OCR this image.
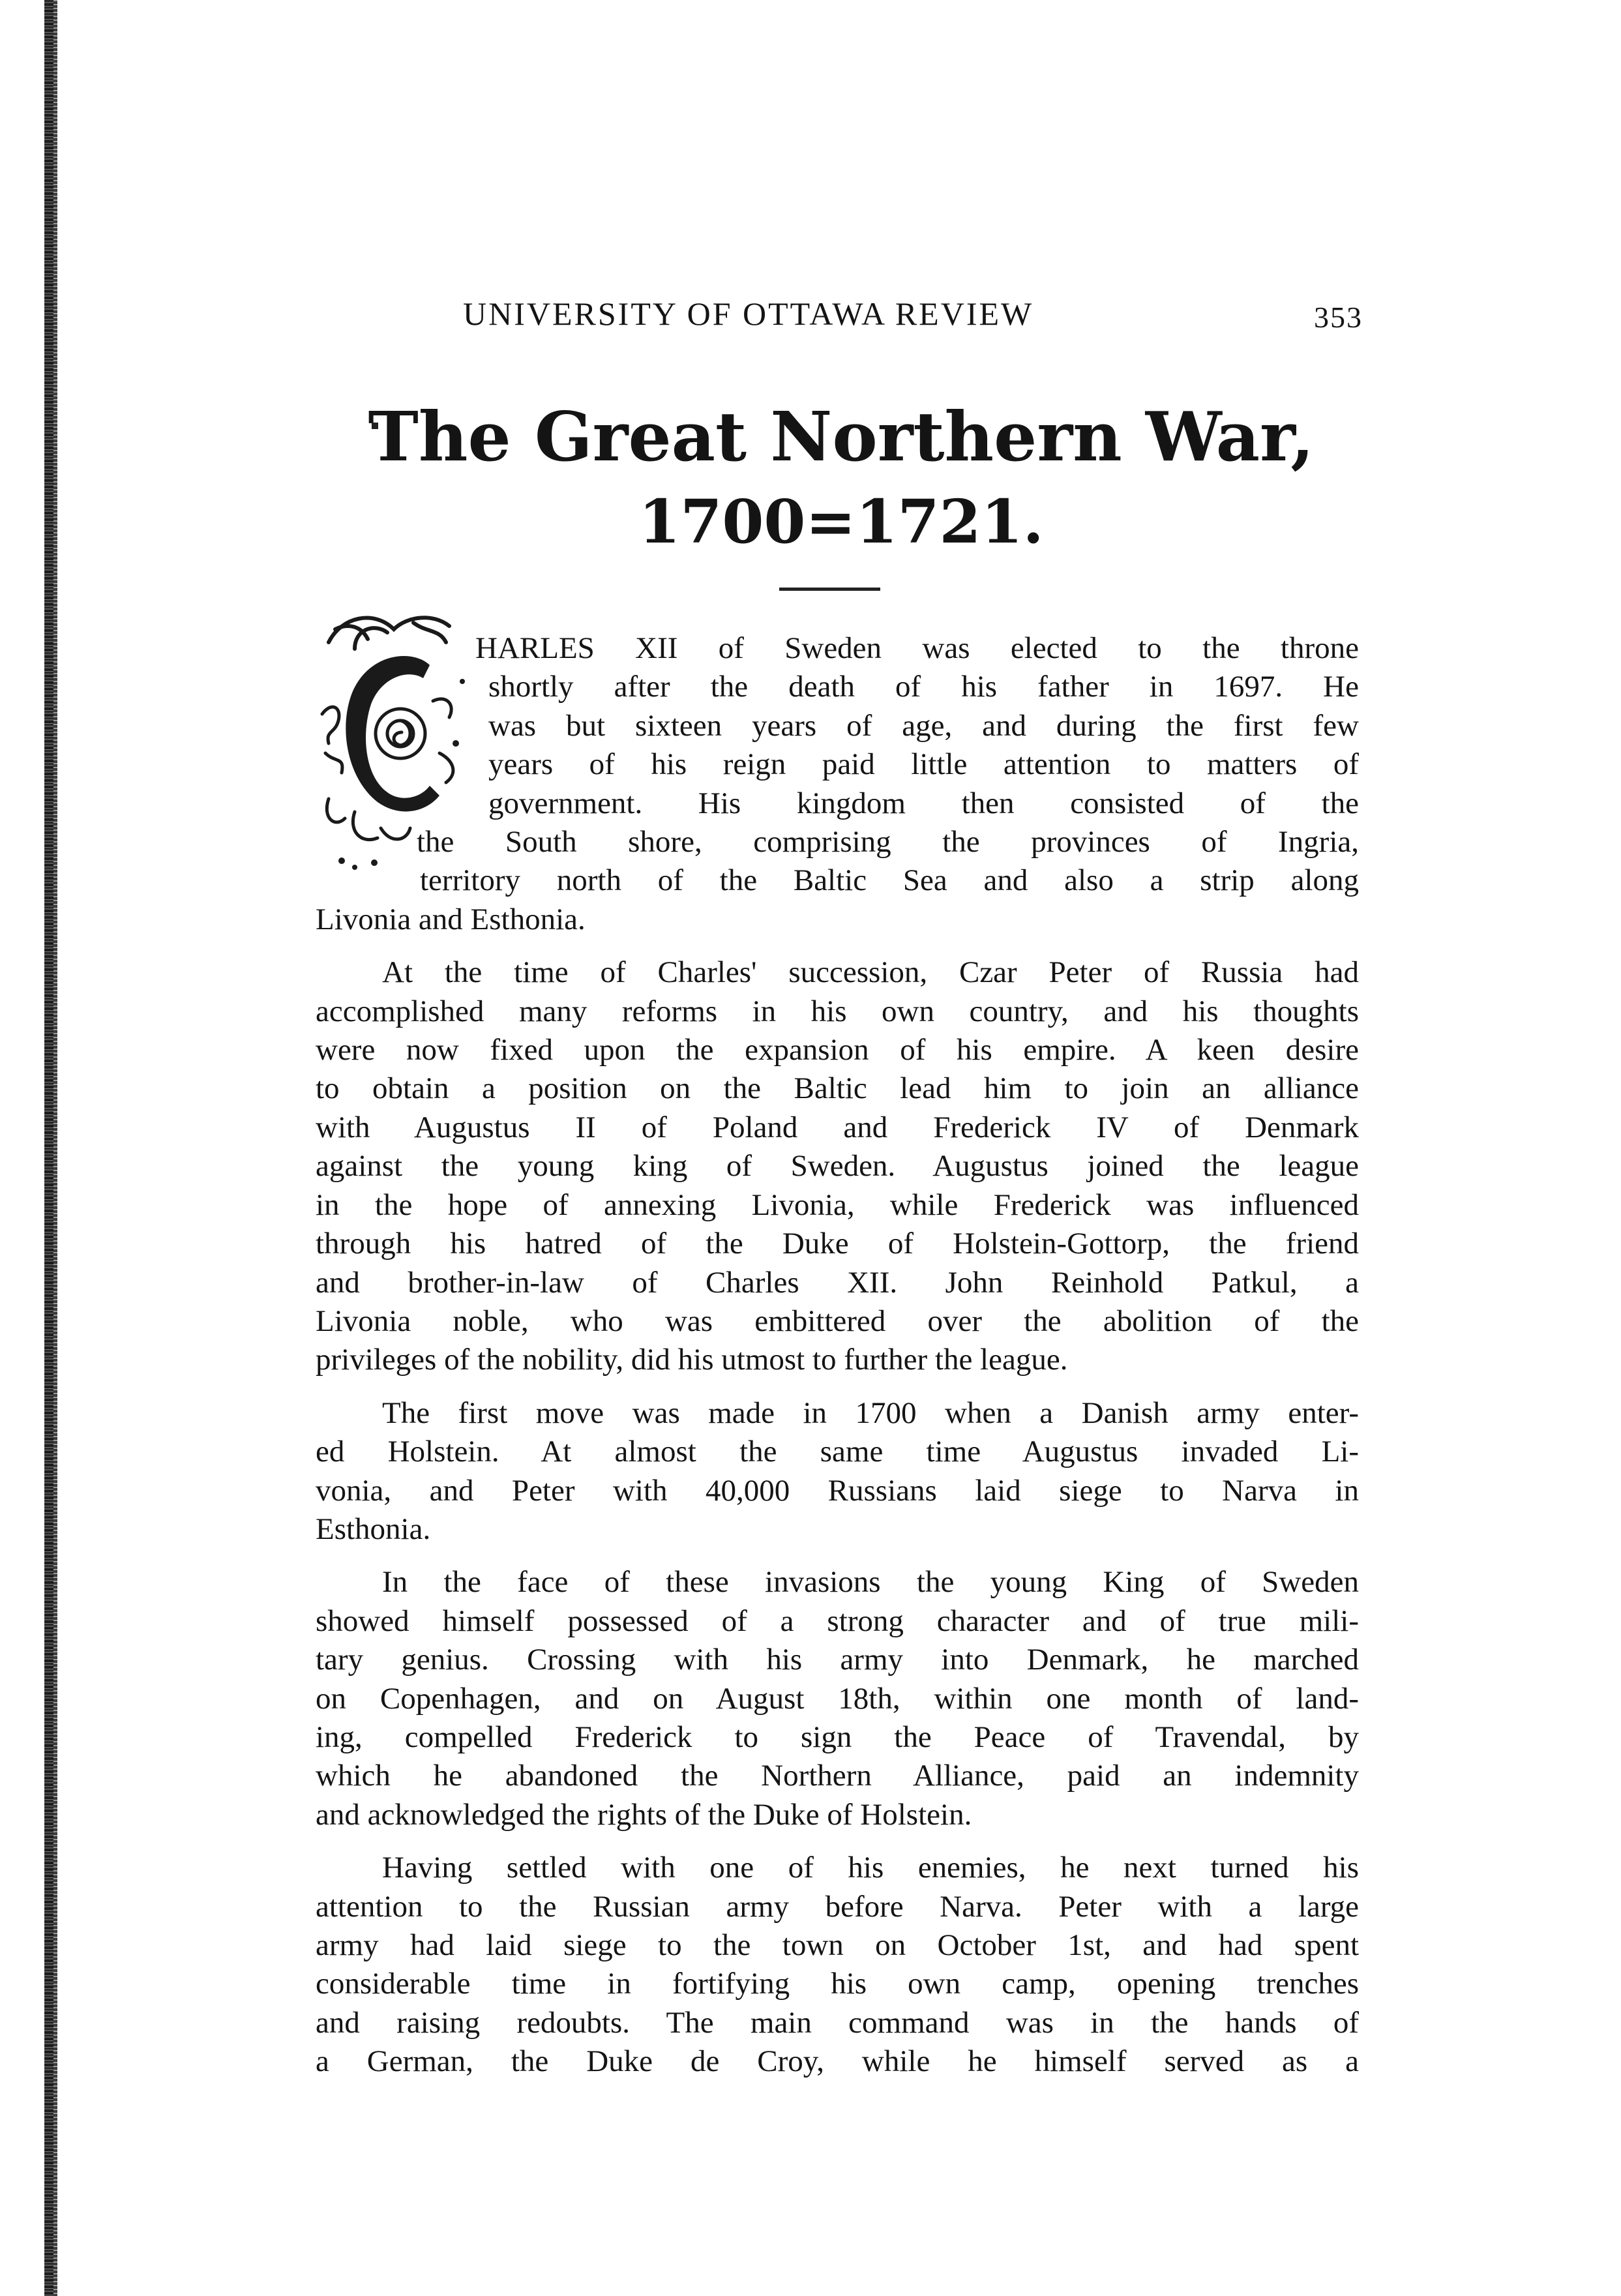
UNIVERSITY OF OTTAWA REVIEW	353
The Great Northern War,
1700=1721.
HARLES XII of Sweden was elected to the throne
shortly after the death of his father in 1697. He
was but sixteen years of age, and during the first few
years of his reign paid little attention to matters of
government. His kingdom then consisted of the
the South shore, comprising the provinces of Ingria,
territory north of the Baltic Sea and also a strip along
Livonia and Esthonia.
At the time of Charles' succession, Czar Peter of Russia had
accomplished many reforms in his own country, and his thoughts
were now fixed upon the expansion of his empire. A keen desire
to obtain a position on the Baltic lead him to join an alliance
with Augustus II of Poland and Frederick IV of Denmark
against the young king of Sweden. Augustus joined the league
in the hope of annexing Livonia, while Frederick was influenced
through his hatred of the Duke of Holstein-Gottorp, the friend
and brother-in-law of Charles XII. John Reinhold Patkul, a
Livonia noble, who was embittered over the abolition of the
privileges of the nobility, did his utmost to further the league.
The first move was made in 1700 when a Danish army enter-
ed Holstein. At almost the same time Augustus invaded Li-
vonia, and Peter with 40,000 Russians laid siege to Narva in
Esthonia.
In the face of these invasions the young King of Sweden
showed himself possessed of a strong character and of true mili-
tary genius. Crossing with his army into Denmark, he marched
on Copenhagen, and on August 18th, within one month of land-
ing, compelled Frederick to sign the Peace of Travendal, by
which he abandoned the Northern Alliance, paid an indemnity
and acknowledged the rights of the Duke of Holstein.
Having settled with one of his enemies, he next turned his
attention to the Russian army before Narva. Peter with a large
army had laid siege to the town on October 1st, and had spent
considerable time in fortifying his own camp, opening trenches
and raising redoubts. The main command was in the hands of
a German, the Duke de Croy, while he himself served as a
